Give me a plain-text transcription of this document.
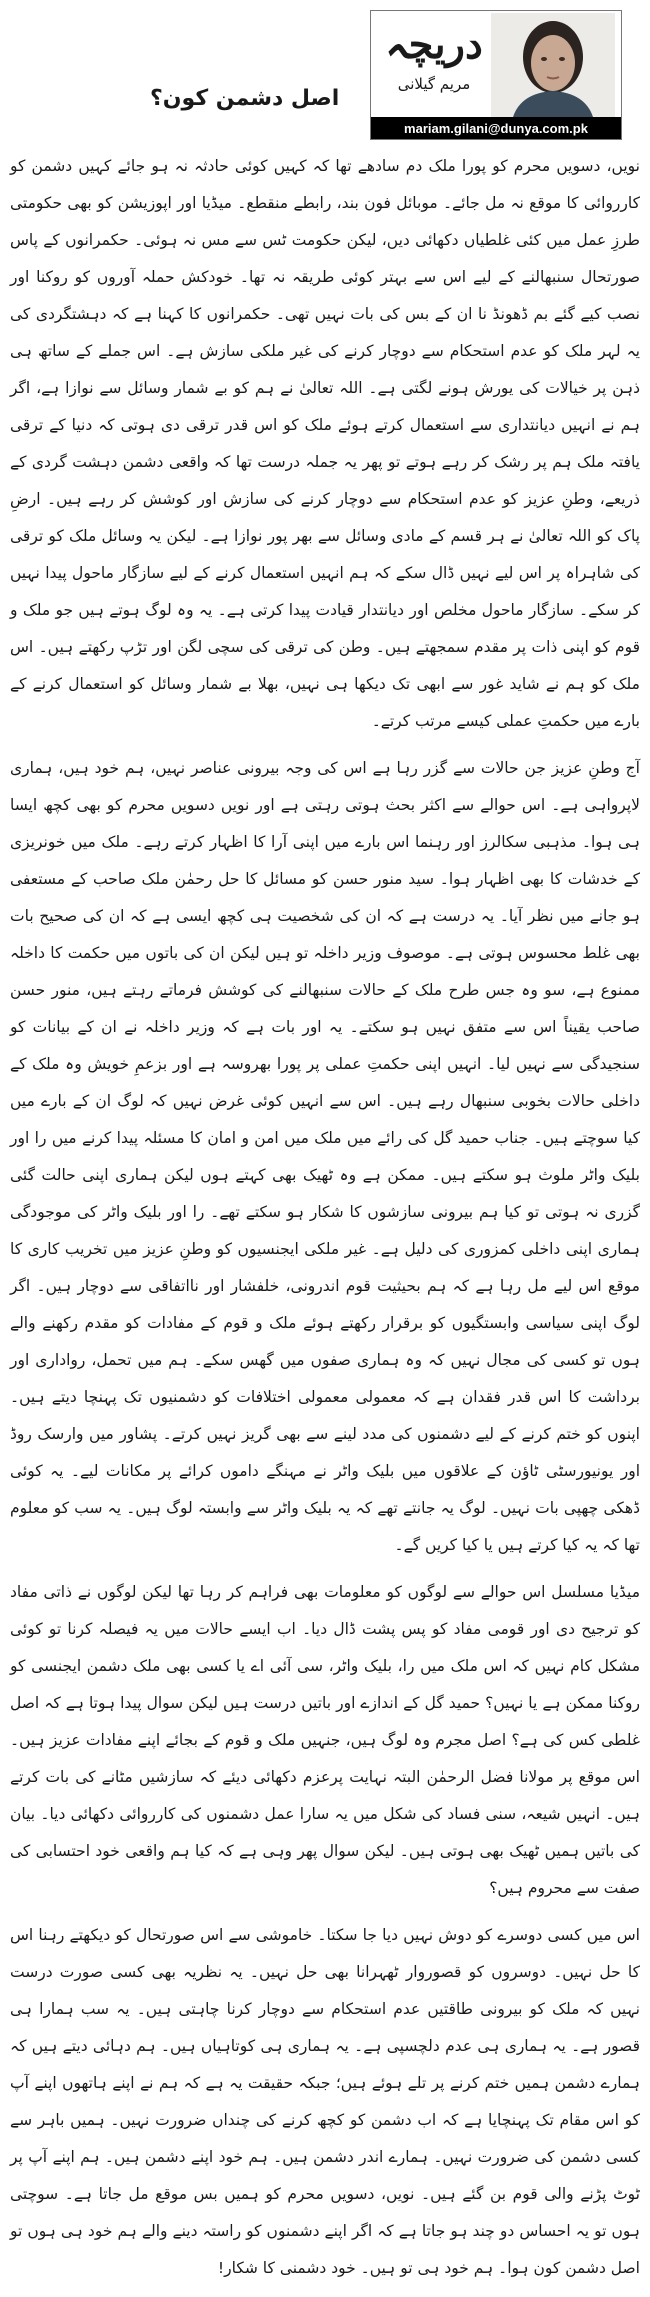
اصل دشمن کون؟
دریچہ
مریم گیلانی
mariam.gilani@dunya.com.pk

نویں، دسویں محرم کو پورا ملک دم سادھے تھا کہ کہیں کوئی حادثہ نہ ہو جائے کہیں دشمن کو کارروائی کا موقع نہ مل جائے۔ موبائل فون بند، رابطے منقطع۔ میڈیا اور اپوزیشن کو بھی حکومتی طرزِ عمل میں کئی غلطیاں دکھائی دیں، لیکن حکومت ٹس سے مس نہ ہوئی۔ حکمرانوں کے پاس صورتحال سنبھالنے کے لیے اس سے بہتر کوئی طریقہ نہ تھا۔ خودکش حملہ آوروں کو روکنا اور نصب کیے گئے بم ڈھونڈ نا ان کے بس کی بات نہیں تھی۔ حکمرانوں کا کہنا ہے کہ دہشتگردی کی یہ لہر ملک کو عدم استحکام سے دوچار کرنے کی غیر ملکی سازش ہے۔ اس جملے کے ساتھ ہی ذہن پر خیالات کی یورش ہونے لگتی ہے۔ اللہ تعالیٰ نے ہم کو بے شمار وسائل سے نوازا ہے، اگر ہم نے انہیں دیانتداری سے استعمال کرتے ہوئے ملک کو اس قدر ترقی دی ہوتی کہ دنیا کے ترقی یافتہ ملک ہم پر رشک کر رہے ہوتے تو پھر یہ جملہ درست تھا کہ واقعی دشمن دہشت گردی کے ذریعے، وطنِ عزیز کو عدم استحکام سے دوچار کرنے کی سازش اور کوشش کر رہے ہیں۔ ارضِ پاک کو اللہ تعالیٰ نے ہر قسم کے مادی وسائل سے بھر پور نوازا ہے۔ لیکن یہ وسائل ملک کو ترقی کی شاہراہ پر اس لیے نہیں ڈال سکے کہ ہم انہیں استعمال کرنے کے لیے سازگار ماحول پیدا نہیں کر سکے۔ سازگار ماحول مخلص اور دیانتدار قیادت پیدا کرتی ہے۔ یہ وہ لوگ ہوتے ہیں جو ملک و قوم کو اپنی ذات پر مقدم سمجھتے ہیں۔ وطن کی ترقی کی سچی لگن اور تڑپ رکھتے ہیں۔ اس ملک کو ہم نے شاید غور سے ابھی تک دیکھا ہی نہیں، بھلا بے شمار وسائل کو استعمال کرنے کے بارے میں حکمتِ عملی کیسے مرتب کرتے۔

آج وطنِ عزیز جن حالات سے گزر رہا ہے اس کی وجہ بیرونی عناصر نہیں، ہم خود ہیں، ہماری لاپرواہی ہے۔ اس حوالے سے اکثر بحث ہوتی رہتی ہے اور نویں دسویں محرم کو بھی کچھ ایسا ہی ہوا۔ مذہبی سکالرز اور رہنما اس بارے میں اپنی آرا کا اظہار کرتے رہے۔ ملک میں خونریزی کے خدشات کا بھی اظہار ہوا۔ سید منور حسن کو مسائل کا حل رحمٰن ملک صاحب کے مستعفی ہو جانے میں نظر آیا۔ یہ درست ہے کہ ان کی شخصیت ہی کچھ ایسی ہے کہ ان کی صحیح بات بھی غلط محسوس ہوتی ہے۔ موصوف وزیر داخلہ تو ہیں لیکن ان کی باتوں میں حکمت کا داخلہ ممنوع ہے، سو وہ جس طرح ملک کے حالات سنبھالنے کی کوشش فرماتے رہتے ہیں، منور حسن صاحب یقیناً اس سے متفق نہیں ہو سکتے۔ یہ اور بات ہے کہ وزیر داخلہ نے ان کے بیانات کو سنجیدگی سے نہیں لیا۔ انہیں اپنی حکمتِ عملی پر پورا بھروسہ ہے اور بزعمِ خویش وہ ملک کے داخلی حالات بخوبی سنبھال رہے ہیں۔ اس سے انہیں کوئی غرض نہیں کہ لوگ ان کے بارے میں کیا سوچتے ہیں۔ جناب حمید گل کی رائے میں ملک میں امن و امان کا مسئلہ پیدا کرنے میں را اور بلیک واٹر ملوث ہو سکتے ہیں۔ ممکن ہے وہ ٹھیک بھی کہتے ہوں لیکن ہماری اپنی حالت گئی گزری نہ ہوتی تو کیا ہم بیرونی سازشوں کا شکار ہو سکتے تھے۔ را اور بلیک واٹر کی موجودگی ہماری اپنی داخلی کمزوری کی دلیل ہے۔ غیر ملکی ایجنسیوں کو وطنِ عزیز میں تخریب کاری کا موقع اس لیے مل رہا ہے کہ ہم بحیثیت قوم اندرونی، خلفشار اور نااتفاقی سے دوچار ہیں۔ اگر لوگ اپنی سیاسی وابستگیوں کو برقرار رکھتے ہوئے ملک و قوم کے مفادات کو مقدم رکھنے والے ہوں تو کسی کی مجال نہیں کہ وہ ہماری صفوں میں گھس سکے۔ ہم میں تحمل، رواداری اور برداشت کا اس قدر فقدان ہے کہ معمولی معمولی اختلافات کو دشمنیوں تک پہنچا دیتے ہیں۔ اپنوں کو ختم کرنے کے لیے دشمنوں کی مدد لینے سے بھی گریز نہیں کرتے۔ پشاور میں وارسک روڈ اور یونیورسٹی ٹاؤن کے علاقوں میں بلیک واٹر نے مہنگے داموں کرائے پر مکانات لیے۔ یہ کوئی ڈھکی چھپی بات نہیں۔ لوگ یہ جانتے تھے کہ یہ بلیک واٹر سے وابستہ لوگ ہیں۔ یہ سب کو معلوم تھا کہ یہ کیا کرتے ہیں یا کیا کریں گے۔

میڈیا مسلسل اس حوالے سے لوگوں کو معلومات بھی فراہم کر رہا تھا لیکن لوگوں نے ذاتی مفاد کو ترجیح دی اور قومی مفاد کو پس پشت ڈال دیا۔ اب ایسے حالات میں یہ فیصلہ کرنا تو کوئی مشکل کام نہیں کہ اس ملک میں را، بلیک واٹر، سی آئی اے یا کسی بھی ملک دشمن ایجنسی کو روکنا ممکن ہے یا نہیں؟ حمید گل کے اندازے اور باتیں درست ہیں لیکن سوال پیدا ہوتا ہے کہ اصل غلطی کس کی ہے؟ اصل مجرم وہ لوگ ہیں، جنہیں ملک و قوم کے بجائے اپنے مفادات عزیز ہیں۔ اس موقع پر مولانا فضل الرحمٰن البتہ نہایت پرعزم دکھائی دیئے کہ سازشیں مٹانے کی بات کرتے ہیں۔ انہیں شیعہ، سنی فساد کی شکل میں یہ سارا عمل دشمنوں کی کارروائی دکھائی دیا۔ بیان کی باتیں ہمیں ٹھیک بھی ہوتی ہیں۔ لیکن سوال پھر وہی ہے کہ کیا ہم واقعی خود احتسابی کی صفت سے محروم ہیں؟

اس میں کسی دوسرے کو دوش نہیں دیا جا سکتا۔ خاموشی سے اس صورتحال کو دیکھتے رہنا اس کا حل نہیں۔ دوسروں کو قصوروار ٹھہرانا بھی حل نہیں۔ یہ نظریہ بھی کسی صورت درست نہیں کہ ملک کو بیرونی طاقتیں عدم استحکام سے دوچار کرنا چاہتی ہیں۔ یہ سب ہمارا ہی قصور ہے۔ یہ ہماری ہی عدم دلچسپی ہے۔ یہ ہماری ہی کوتاہیاں ہیں۔ ہم دہائی دیتے ہیں کہ ہمارے دشمن ہمیں ختم کرنے پر تلے ہوئے ہیں؛ جبکہ حقیقت یہ ہے کہ ہم نے اپنے ہاتھوں اپنے آپ کو اس مقام تک پہنچایا ہے کہ اب دشمن کو کچھ کرنے کی چنداں ضرورت نہیں۔ ہمیں باہر سے کسی دشمن کی ضرورت نہیں۔ ہمارے اندر دشمن ہیں۔ ہم خود اپنے دشمن ہیں۔ ہم اپنے آپ پر ٹوٹ پڑنے والی قوم بن گئے ہیں۔ نویں، دسویں محرم کو ہمیں بس موقع مل جاتا ہے۔ سوچتی ہوں تو یہ احساس دو چند ہو جاتا ہے کہ اگر اپنے دشمنوں کو راستہ دینے والے ہم خود ہی ہوں تو اصل دشمن کون ہوا۔ ہم خود ہی تو ہیں۔ خود دشمنی کا شکار!
